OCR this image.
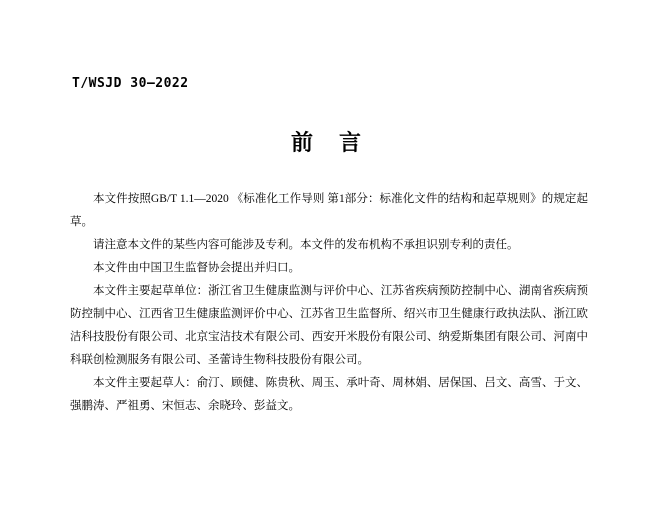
T/WSJD 30—2022
前　言

本文件按照GB/T 1.1—2020 《标准化工作导则 第1部分：标准化文件的结构和起草规则》的规定起草。

请注意本文件的某些内容可能涉及专利。本文件的发布机构不承担识别专利的责任。

本文件由中国卫生监督协会提出并归口。

本文件主要起草单位：浙江省卫生健康监测与评价中心、江苏省疾病预防控制中心、湖南省疾病预防控制中心、江西省卫生健康监测评价中心、江苏省卫生监督所、绍兴市卫生健康行政执法队、浙江欧洁科技股份有限公司、北京宝洁技术有限公司、西安开米股份有限公司、纳爱斯集团有限公司、河南中科联创检测服务有限公司、圣蕾诗生物科技股份有限公司。

本文件主要起草人：俞汀、顾健、陈贵秋、周玉、承叶奇、周林娟、居保国、吕文、高雪、于文、强鹏涛、严祖勇、宋恒志、余晓玲、彭益文。
